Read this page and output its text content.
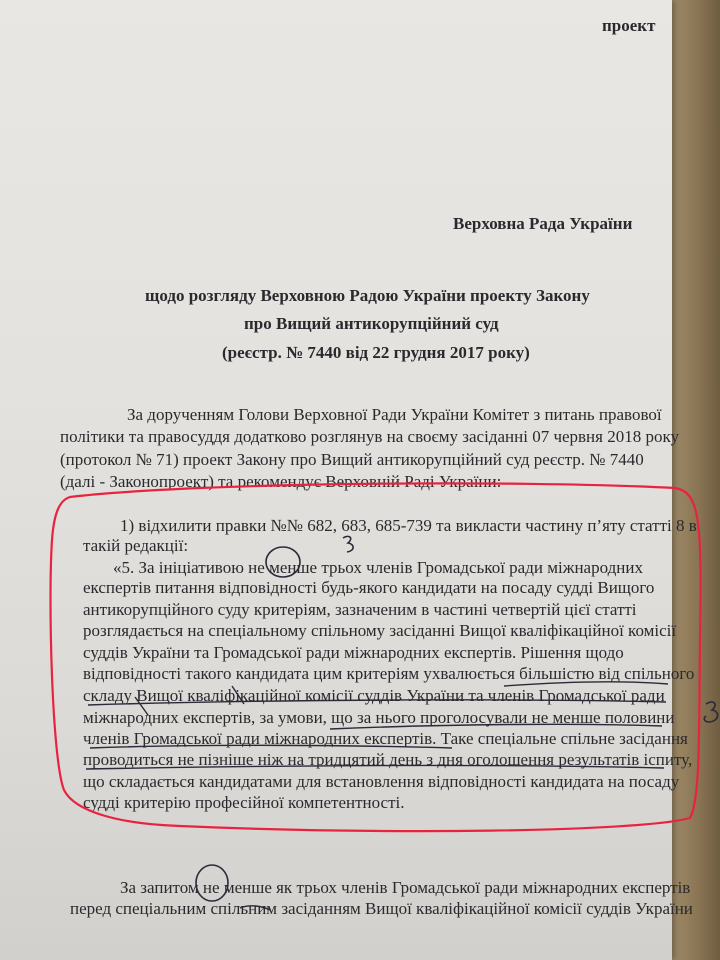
проект

Верховна Рада України

щодо розгляду Верховною Радою України проекту Закону

про Вищий антикорупційний суд

(реєстр. № 7440 від 22 грудня 2017 року)

За дорученням Голови Верховної Ради України Комітет з питань правової

політики та правосуддя додатково розглянув на своєму засіданні 07 червня 2018 року

(протокол № 71) проект Закону про Вищий антикорупційний суд реєстр. № 7440

(далі - Законопроект) та рекомендує Верховній Раді України:

1) відхилити правки №№ 682, 683, 685-739 та викласти частину п’яту статті 8 в

такій редакції:

«5. За ініціативою не менше трьох членів Громадської ради міжнародних

експертів питання відповідності будь-якого кандидати на посаду судді Вищого

антикорупційного суду критеріям, зазначеним в частині четвертій цієї статті

розглядається на спеціальному спільному засіданні Вищої кваліфікаційної комісії

суддів України та Громадської ради міжнародних експертів. Рішення щодо

відповідності такого кандидата цим критеріям ухвалюється більшістю від спільного

складу Вищої кваліфікаційної комісії суддів України та членів Громадської ради

міжнародних експертів, за умови, що за нього проголосували не менше половини

членів Громадської ради міжнародних експертів. Таке спеціальне спільне засідання

проводиться не пізніше ніж на тридцятий день з дня оголошення результатів іспиту,

що складається кандидатами для встановлення відповідності кандидата на посаду

судді критерію професійної компетентності.

За запитом не менше як трьох членів Громадської ради міжнародних експертів

перед спеціальним спільним засіданням Вищої кваліфікаційної комісії суддів України
